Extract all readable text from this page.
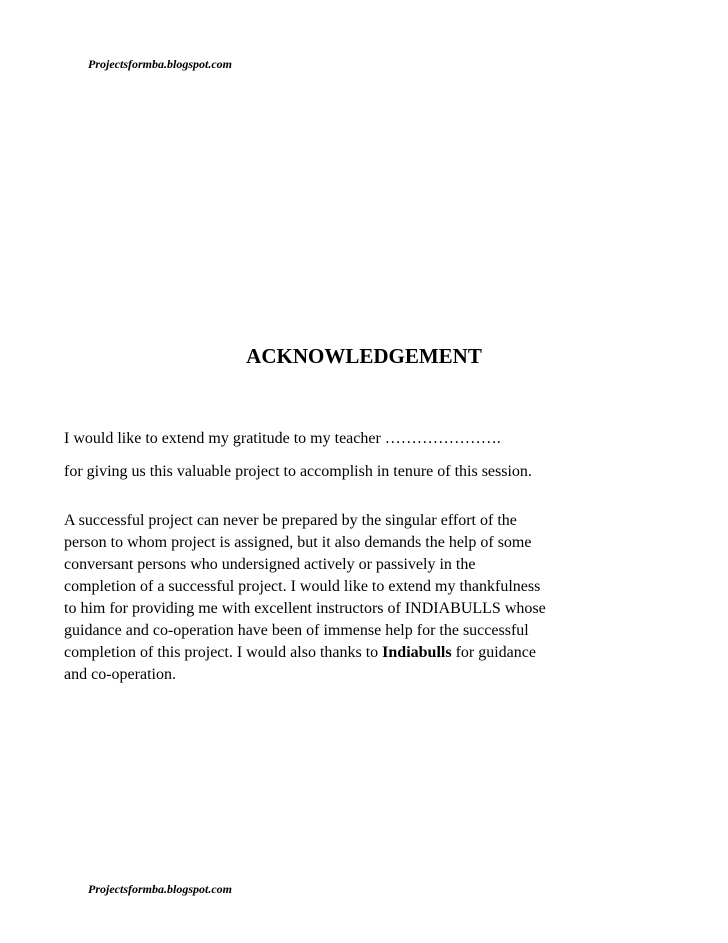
Projectsformba.blogspot.com
ACKNOWLEDGEMENT
I would like to extend my gratitude to my teacher ………………….
for giving us this valuable project to accomplish in tenure of this session.
A successful project can never be prepared by the singular effort of the
person to whom project is assigned, but it also demands the help of some
conversant persons who undersigned actively or passively in the
completion of a successful project. I would like to extend my thankfulness
to him for providing me with excellent instructors of INDIABULLS whose
guidance and co-operation have been of immense help for the successful
completion of this project. I would also thanks to Indiabulls for guidance
and co-operation.
Projectsformba.blogspot.com
